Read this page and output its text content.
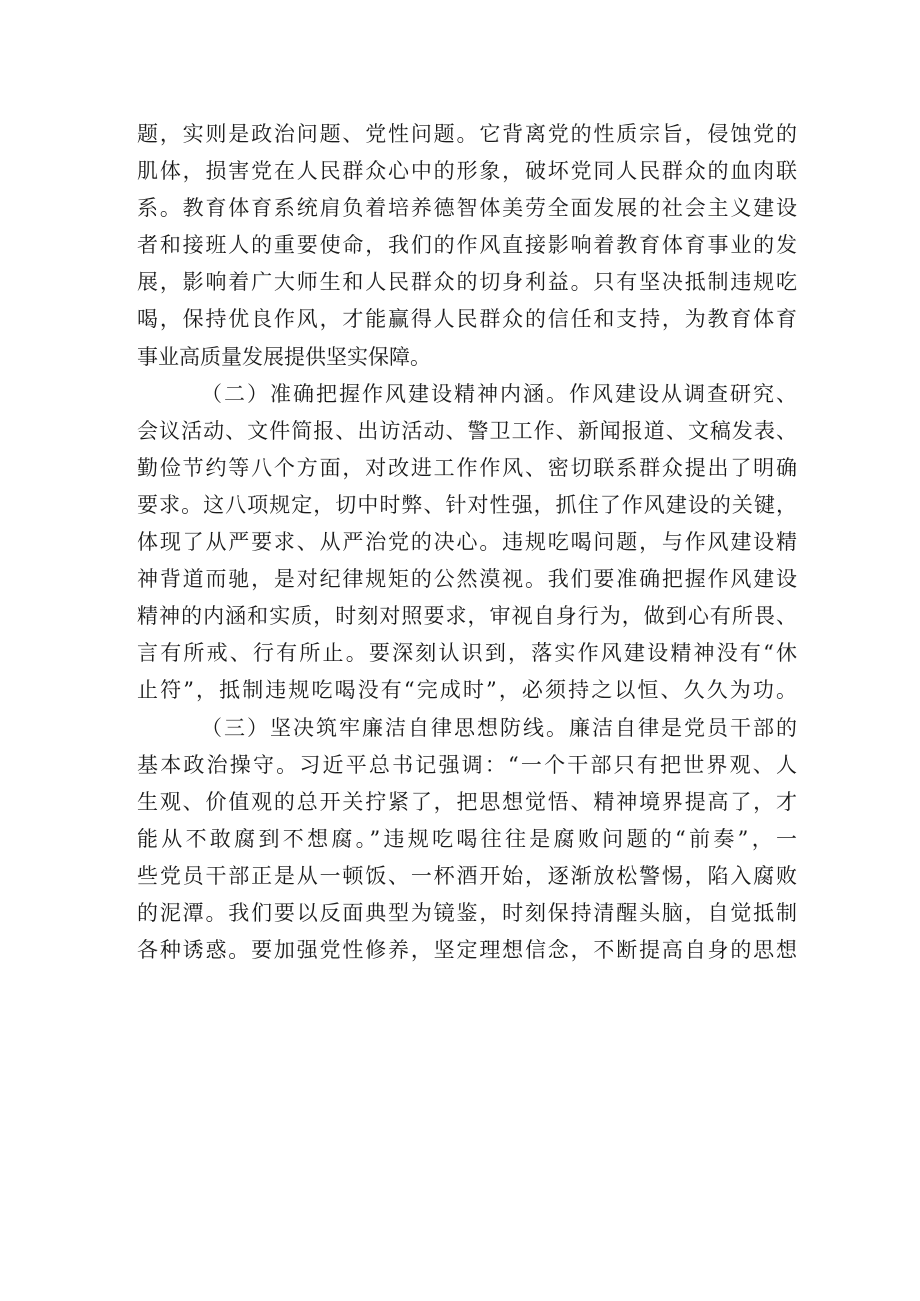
题，实则是政治问题、党性问题。它背离党的性质宗旨，侵蚀党的
肌体，损害党在人民群众心中的形象，破坏党同人民群众的血肉联
系。教育体育系统肩负着培养德智体美劳全面发展的社会主义建设
者和接班人的重要使命，我们的作风直接影响着教育体育事业的发
展，影响着广大师生和人民群众的切身利益。只有坚决抵制违规吃
喝，保持优良作风，才能赢得人民群众的信任和支持，为教育体育
事业高质量发展提供坚实保障。
（二）准确把握作风建设精神内涵。作风建设从调查研究、
会议活动、文件简报、出访活动、警卫工作、新闻报道、文稿发表、
勤俭节约等八个方面，对改进工作作风、密切联系群众提出了明确
要求。这八项规定，切中时弊、针对性强，抓住了作风建设的关键，
体现了从严要求、从严治党的决心。违规吃喝问题，与作风建设精
神背道而驰，是对纪律规矩的公然漠视。我们要准确把握作风建设
精神的内涵和实质，时刻对照要求，审视自身行为，做到心有所畏、
言有所戒、行有所止。要深刻认识到，落实作风建设精神没有“休
止符”，抵制违规吃喝没有“完成时”，必须持之以恒、久久为功。
（三）坚决筑牢廉洁自律思想防线。廉洁自律是党员干部的
基本政治操守。习近平总书记强调：“一个干部只有把世界观、人
生观、价值观的总开关拧紧了，把思想觉悟、精神境界提高了，才
能从不敢腐到不想腐。”违规吃喝往往是腐败问题的“前奏”，一
些党员干部正是从一顿饭、一杯酒开始，逐渐放松警惕，陷入腐败
的泥潭。我们要以反面典型为镜鉴，时刻保持清醒头脑，自觉抵制
各种诱惑。要加强党性修养，坚定理想信念，不断提高自身的思想
